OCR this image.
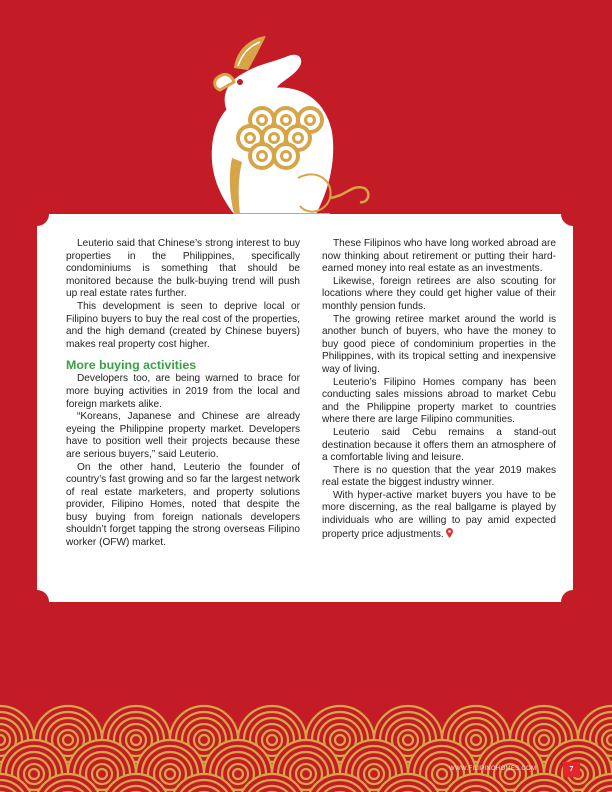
Leuterio said that Chinese’s strong interest to buy properties in the Philippines, specifically condominiums is something that should be monitored because the bulk-buying trend will push up real estate rates further.

This development is seen to deprive local or Filipino buyers to buy the real cost of the properties, and the high demand (created by Chinese buyers) makes real property cost higher.

More buying activities

Developers too, are being warned to brace for more buying activities in 2019 from the local and foreign markets alike.

“Koreans, Japanese and Chinese are already eyeing the Philippine property market. Developers have to position well their projects because these are serious buyers,” said Leuterio.

On the other hand, Leuterio the founder of country’s fast growing and so far the largest network of real estate marketers, and property solutions provider, Filipino Homes, noted that despite the busy buying from foreign nationals developers shouldn’t forget tapping the strong overseas Filipino worker (OFW) market.

These Filipinos who have long worked abroad are now thinking about retirement or putting their hard-earned money into real estate as an investments.

Likewise, foreign retirees are also scouting for locations where they could get higher value of their monthly pension funds.

The growing retiree market around the world is another bunch of buyers, who have the money to buy good piece of condominium properties in the Philippines, with its tropical setting and inexpensive way of living.

Leuterio’s Filipino Homes company has been conducting sales missions abroad to market Cebu and the Philippine property market to countries where there are large Filipino communities.

Leuterio said Cebu remains a stand-out destination because it offers them an atmosphere of a comfortable living and leisure.

There is no question that the year 2019 makes real estate the biggest industry winner.

With hyper-active market buyers you have to be more discerning, as the real ballgame is played by individuals who are willing to pay amid expected property price adjustments.

WWW.FILIPINOHOMES.COM	7
